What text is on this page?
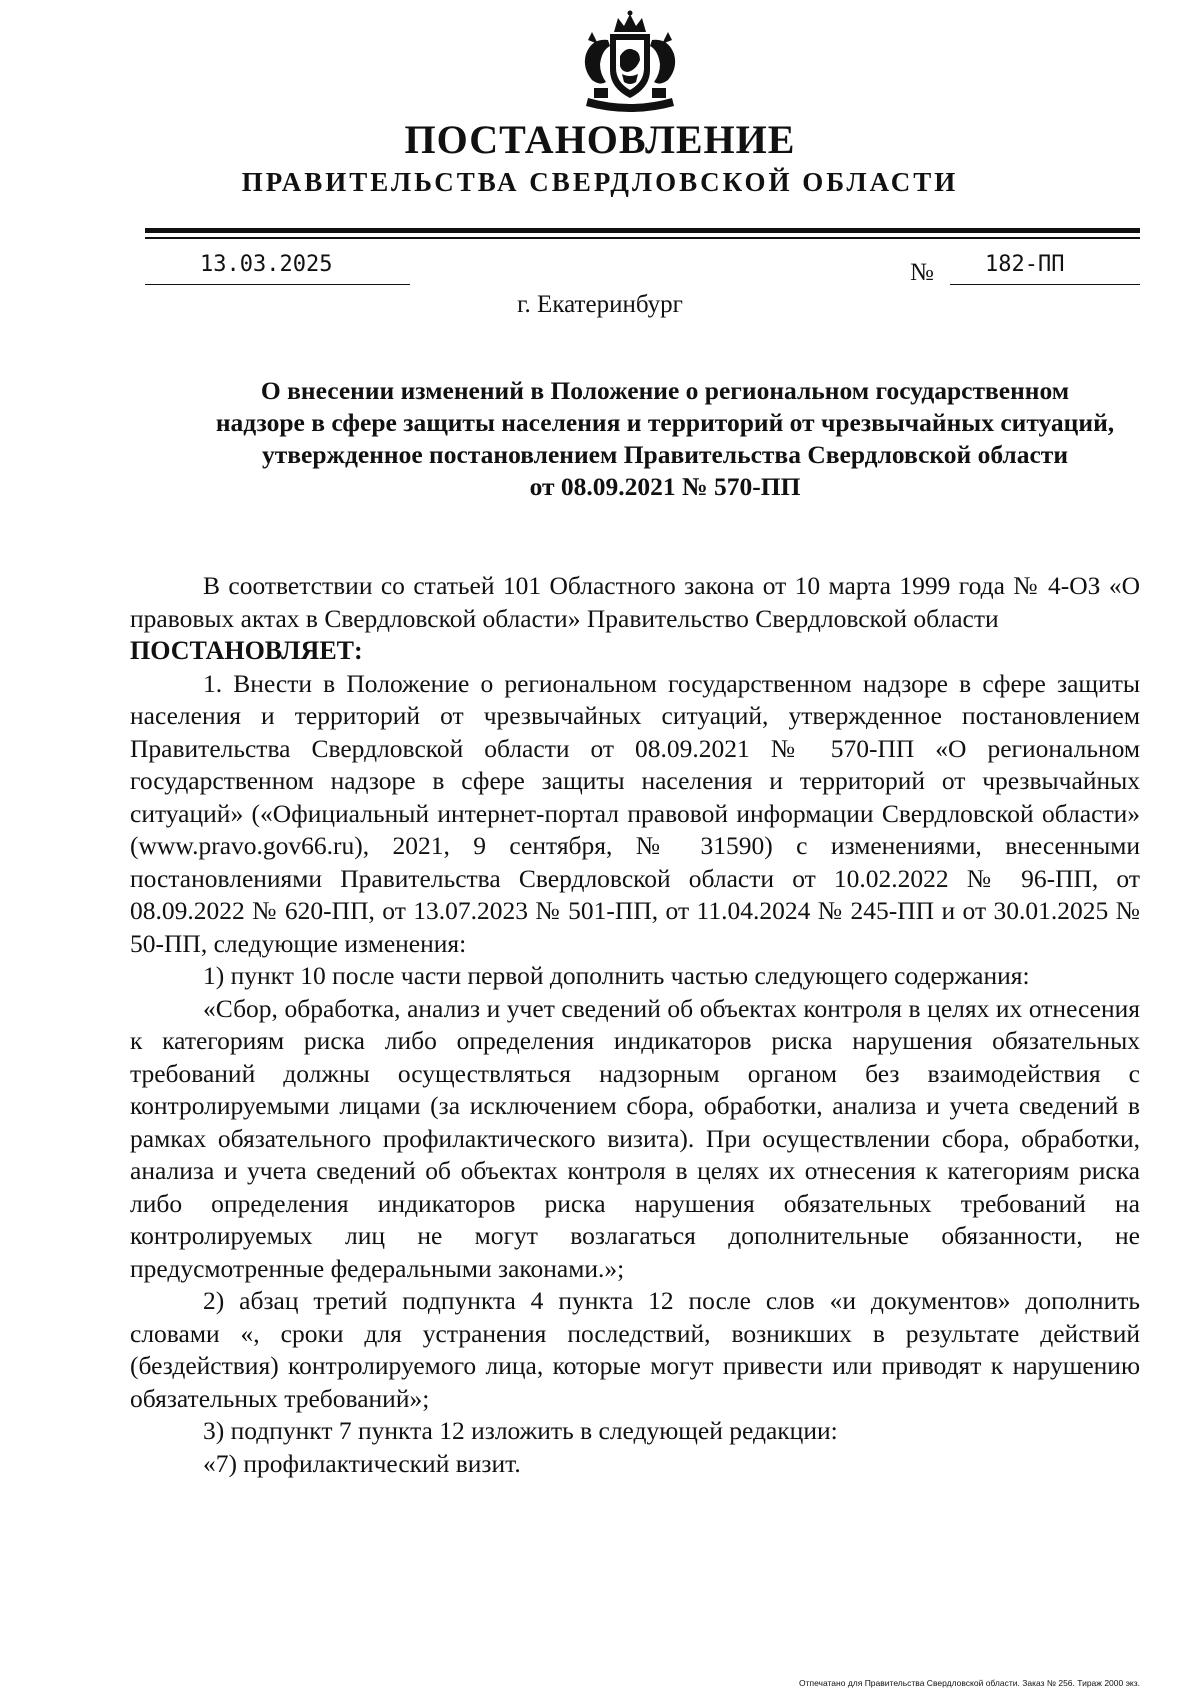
ПОСТАНОВЛЕНИЕ
ПРАВИТЕЛЬСТВА СВЕРДЛОВСКОЙ ОБЛАСТИ
13.03.2025	№ 182-ПП
г. Екатеринбург
О внесении изменений в Положение о региональном государственном
надзоре в сфере защиты населения и территорий от чрезвычайных ситуаций,
утвержденное постановлением Правительства Свердловской области
от 08.09.2021 № 570-ПП

В соответствии со статьей 101 Областного закона от 10 марта 1999 года № 4-ОЗ «О правовых актах в Свердловской области» Правительство Свердловской области

ПОСТАНОВЛЯЕТ:

1. Внести в Положение о региональном государственном надзоре в сфере защиты населения и территорий от чрезвычайных ситуаций, утвержденное постановлением Правительства Свердловской области от 08.09.2021 № 570-ПП «О региональном государственном надзоре в сфере защиты населения и территорий от чрезвычайных ситуаций» («Официальный интернет-портал правовой информации Свердловской области» (www.pravo.gov66.ru), 2021, 9 сентября, № 31590) с изменениями, внесенными постановлениями Правительства Свердловской области от 10.02.2022 № 96-ПП, от 08.09.2022 № 620-ПП, от 13.07.2023 № 501-ПП, от 11.04.2024 № 245-ПП и от 30.01.2025 № 50-ПП, следующие изменения:

1) пункт 10 после части первой дополнить частью следующего содержания:

«Сбор, обработка, анализ и учет сведений об объектах контроля в целях их отнесения к категориям риска либо определения индикаторов риска нарушения обязательных требований должны осуществляться надзорным органом без взаимодействия с контролируемыми лицами (за исключением сбора, обработки, анализа и учета сведений в рамках обязательного профилактического визита). При осуществлении сбора, обработки, анализа и учета сведений об объектах контроля в целях их отнесения к категориям риска либо определения индикаторов риска нарушения обязательных требований на контролируемых лиц не могут возлагаться дополнительные обязанности, не предусмотренные федеральными законами.»;

2) абзац третий подпункта 4 пункта 12 после слов «и документов» дополнить словами «, сроки для устранения последствий, возникших в результате действий (бездействия) контролируемого лица, которые могут привести или приводят к нарушению обязательных требований»;

3) подпункт 7 пункта 12 изложить в следующей редакции:

«7) профилактический визит.

Отпечатано для Правительства Свердловской области. Заказ № 256. Тираж 2000 экз.
